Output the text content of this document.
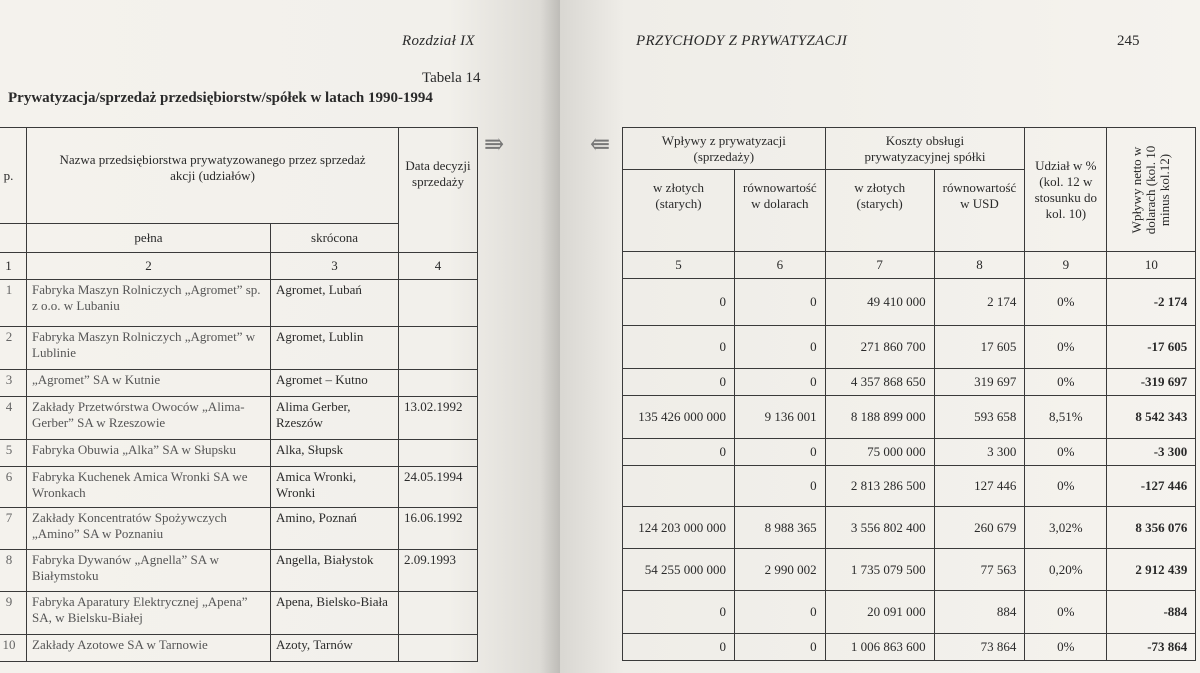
Rozdział IX
Tabela 14
Prywatyzacja/sprzedaż przedsiębiorstw/spółek w latach 1990-1994
p.	Nazwa przedsiębiorstwa prywatyzowanego przez sprzedaż akcji (udziałów)		Data decyzji sprzedaży
	pełna	skrócona	
1	2	3	4
1	Fabryka Maszyn Rolniczych „Agromet” sp. z o.o. w Lubaniu	Agromet, Lubań	
2	Fabryka Maszyn Rolniczych „Agromet” w Lublinie	Agromet, Lublin	
3	„Agromet” SA w Kutnie	Agromet – Kutno	
4	Zakłady Przetwórstwa Owoców „Alima-Gerber” SA w Rzeszowie	Alima Gerber, Rzeszów	13.02.1992
5	Fabryka Obuwia „Alka” SA w Słupsku	Alka, Słupsk	
6	Fabryka Kuchenek Amica Wronki SA we Wronkach	Amica Wronki, Wronki	24.05.1994
7	Zakłady Koncentratów Spożywczych „Amino” SA w Poznaniu	Amino, Poznań	16.06.1992
8	Fabryka Dywanów „Agnella” SA w Białymstoku	Angella, Białystok	2.09.1993
9	Fabryka Aparatury Elektrycznej „Apena” SA, w Bielsku-Białej	Apena, Bielsko-Biała	
10	Zakłady Azotowe SA w Tarnowie	Azoty, Tarnów	
PRZYCHODY Z PRYWATYZACJI	245
Wpływy z prywatyzacji (sprzedaży)		Koszty obsługi prywatyzacyjnej spółki		Udział w % (kol. 12 w stosunku do kol. 10)	Wpływy netto w dolarach (kol. 10 minus kol.12)

w złotych (starych)	równowartość w dolarach	w złotych (starych)	równowartość w USD		
5	6	7	8	9	10
0	0	49 410 000	2 174	0%	-2 174
0	0	271 860 700	17 605	0%	-17 605
0	0	4 357 868 650	319 697	0%	-319 697
135 426 000 000	9 136 001	8 188 899 000	593 658	8,51%	8 542 343
0	0	75 000 000	3 300	0%	-3 300
	0	2 813 286 500	127 446	0%	-127 446
124 203 000 000	8 988 365	3 556 802 400	260 679	3,02%	8 356 076
54 255 000 000	2 990 002	1 735 079 500	77 563	0,20%	2 912 439
0	0	20 091 000	884	0%	-884
0	0	1 006 863 600	73 864	0%	-73 864
⇛	⇚
